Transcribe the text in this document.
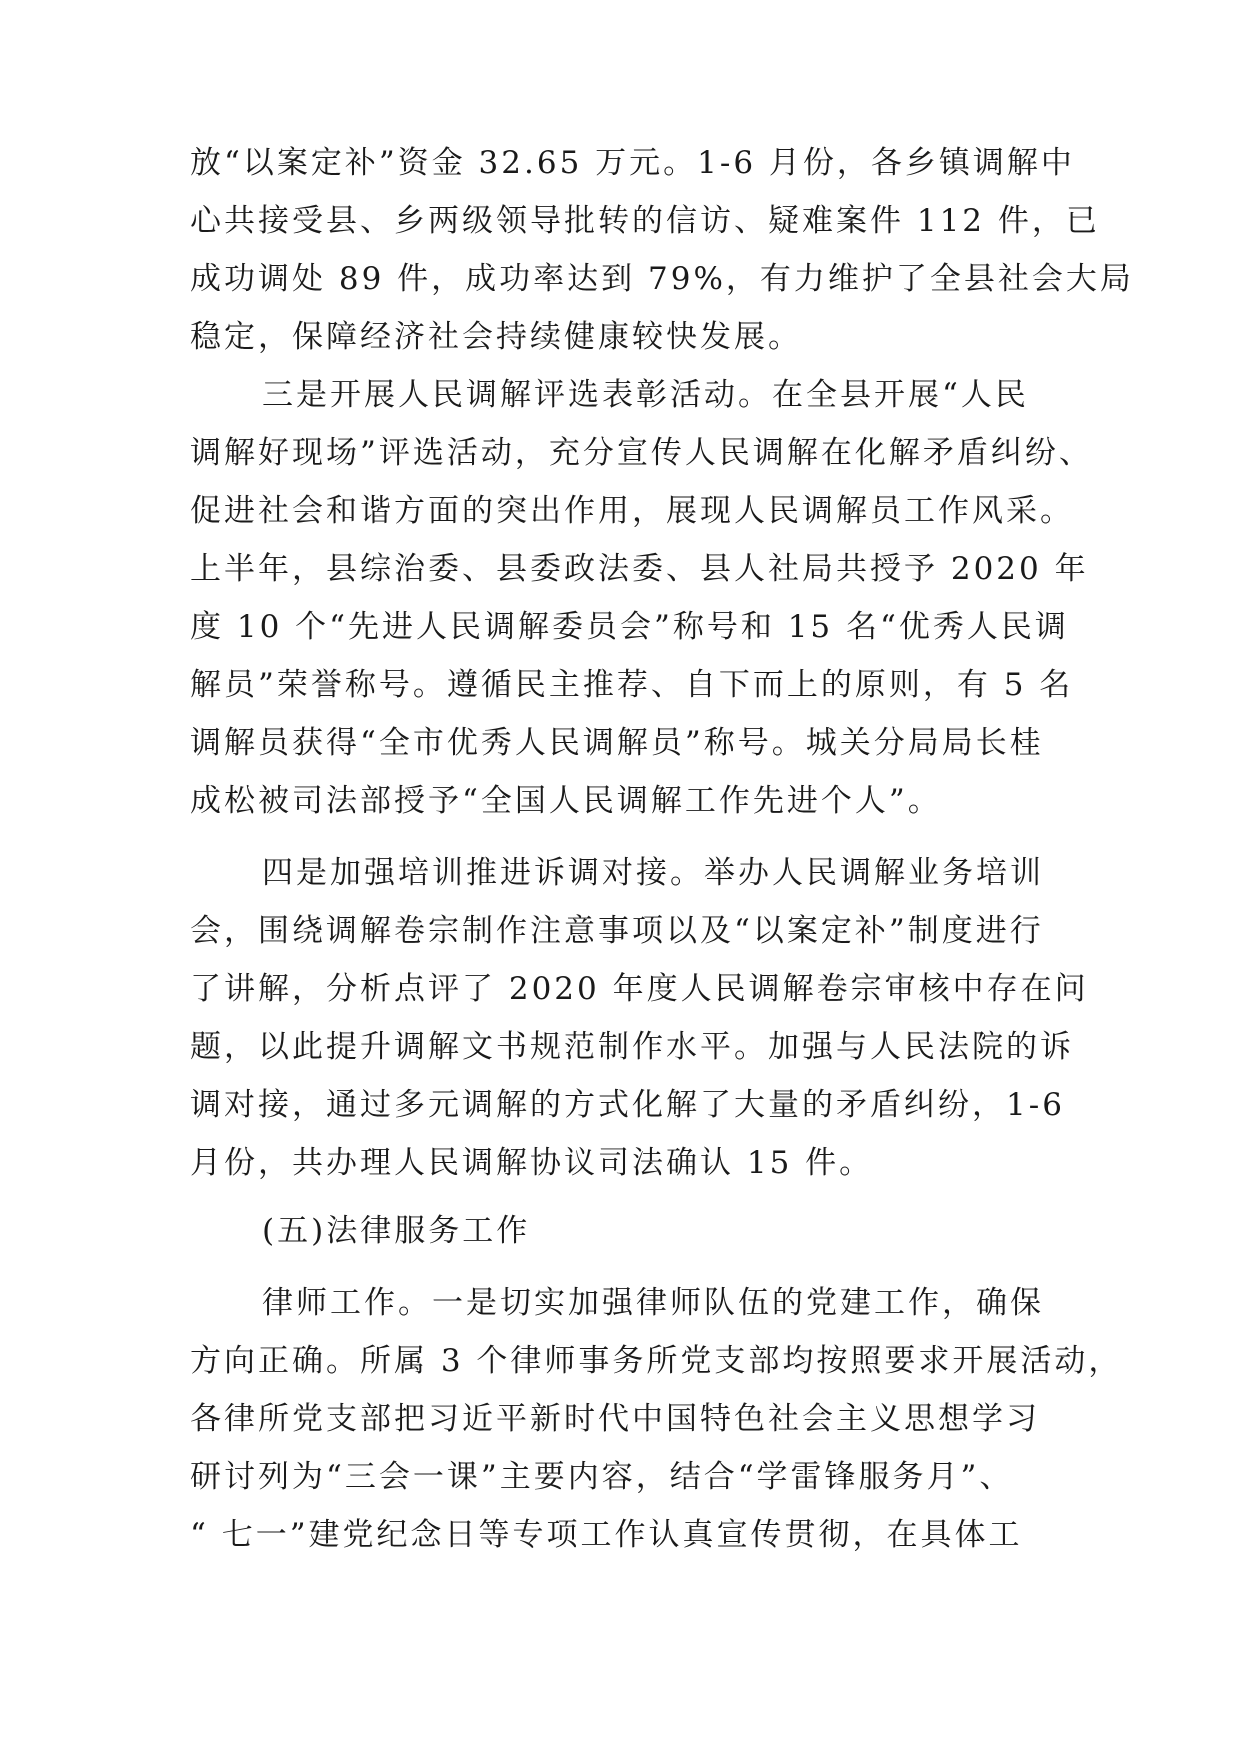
放“以案定补”资金 32.65 万元。1-6 月份，各乡镇调解中
心共接受县、乡两级领导批转的信访、疑难案件 112 件，已
成功调处 89 件，成功率达到 79%，有力维护了全县社会大局
稳定，保障经济社会持续健康较快发展。
三是开展人民调解评选表彰活动。在全县开展“人民
调解好现场”评选活动，充分宣传人民调解在化解矛盾纠纷、
促进社会和谐方面的突出作用，展现人民调解员工作风采。
上半年，县综治委、县委政法委、县人社局共授予 2020 年
度 10 个“先进人民调解委员会”称号和 15 名“优秀人民调
解员”荣誉称号。遵循民主推荐、自下而上的原则，有 5 名
调解员获得“全市优秀人民调解员”称号。城关分局局长桂
成松被司法部授予“全国人民调解工作先进个人”。
四是加强培训推进诉调对接。举办人民调解业务培训
会，围绕调解卷宗制作注意事项以及“以案定补”制度进行
了讲解，分析点评了 2020 年度人民调解卷宗审核中存在问
题，以此提升调解文书规范制作水平。加强与人民法院的诉
调对接，通过多元调解的方式化解了大量的矛盾纠纷，1-6
月份，共办理人民调解协议司法确认 15 件。
(五)法律服务工作
律师工作。一是切实加强律师队伍的党建工作，确保
方向正确。所属 3 个律师事务所党支部均按照要求开展活动，
各律所党支部把习近平新时代中国特色社会主义思想学习
研讨列为“三会一课”主要内容，结合“学雷锋服务月”、
“ 七一”建党纪念日等专项工作认真宣传贯彻，在具体工
